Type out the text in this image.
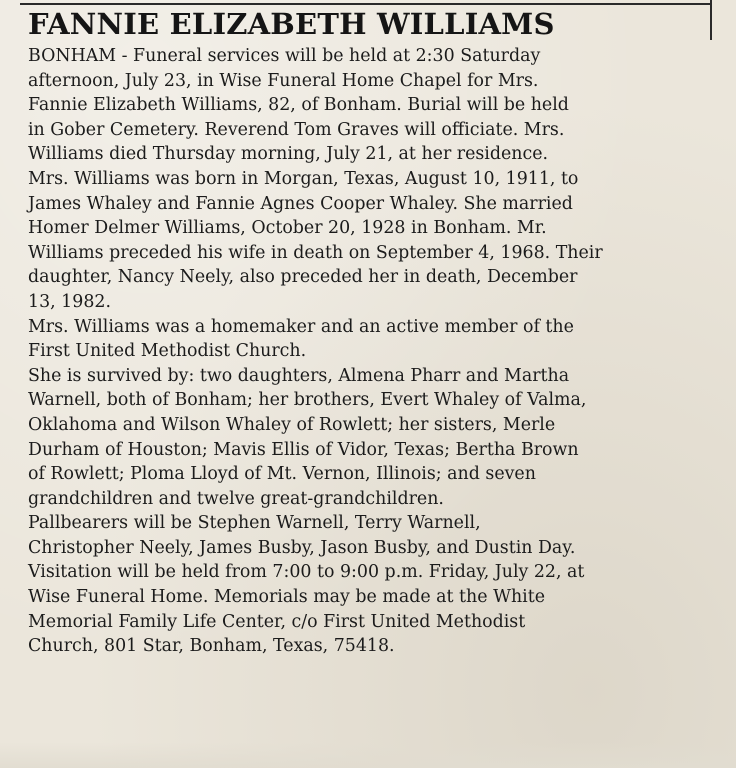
FANNIE ELIZABETH WILLIAMS

BONHAM - Funeral services will be held at 2:30 Saturday
afternoon, July 23, in Wise Funeral Home Chapel for Mrs.
Fannie Elizabeth Williams, 82, of Bonham. Burial will be held
in Gober Cemetery. Reverend Tom Graves will officiate. Mrs.
Williams died Thursday morning, July 21, at her residence.

Mrs. Williams was born in Morgan, Texas, August 10, 1911, to
James Whaley and Fannie Agnes Cooper Whaley. She married
Homer Delmer Williams, October 20, 1928 in Bonham. Mr.
Williams preceded his wife in death on September 4, 1968. Their
daughter, Nancy Neely, also preceded her in death, December
13, 1982.

Mrs. Williams was a homemaker and an active member of the
First United Methodist Church.

She is survived by: two daughters, Almena Pharr and Martha
Warnell, both of Bonham; her brothers, Evert Whaley of Valma,
Oklahoma and Wilson Whaley of Rowlett; her sisters, Merle
Durham of Houston; Mavis Ellis of Vidor, Texas; Bertha Brown
of Rowlett; Ploma Lloyd of Mt. Vernon, Illinois; and seven
grandchildren and twelve great-grandchildren.

Pallbearers will be Stephen Warnell, Terry Warnell,
Christopher Neely, James Busby, Jason Busby, and Dustin Day.

Visitation will be held from 7:00 to 9:00 p.m. Friday, July 22, at
Wise Funeral Home. Memorials may be made at the White
Memorial Family Life Center, c/o First United Methodist
Church, 801 Star, Bonham, Texas, 75418.
